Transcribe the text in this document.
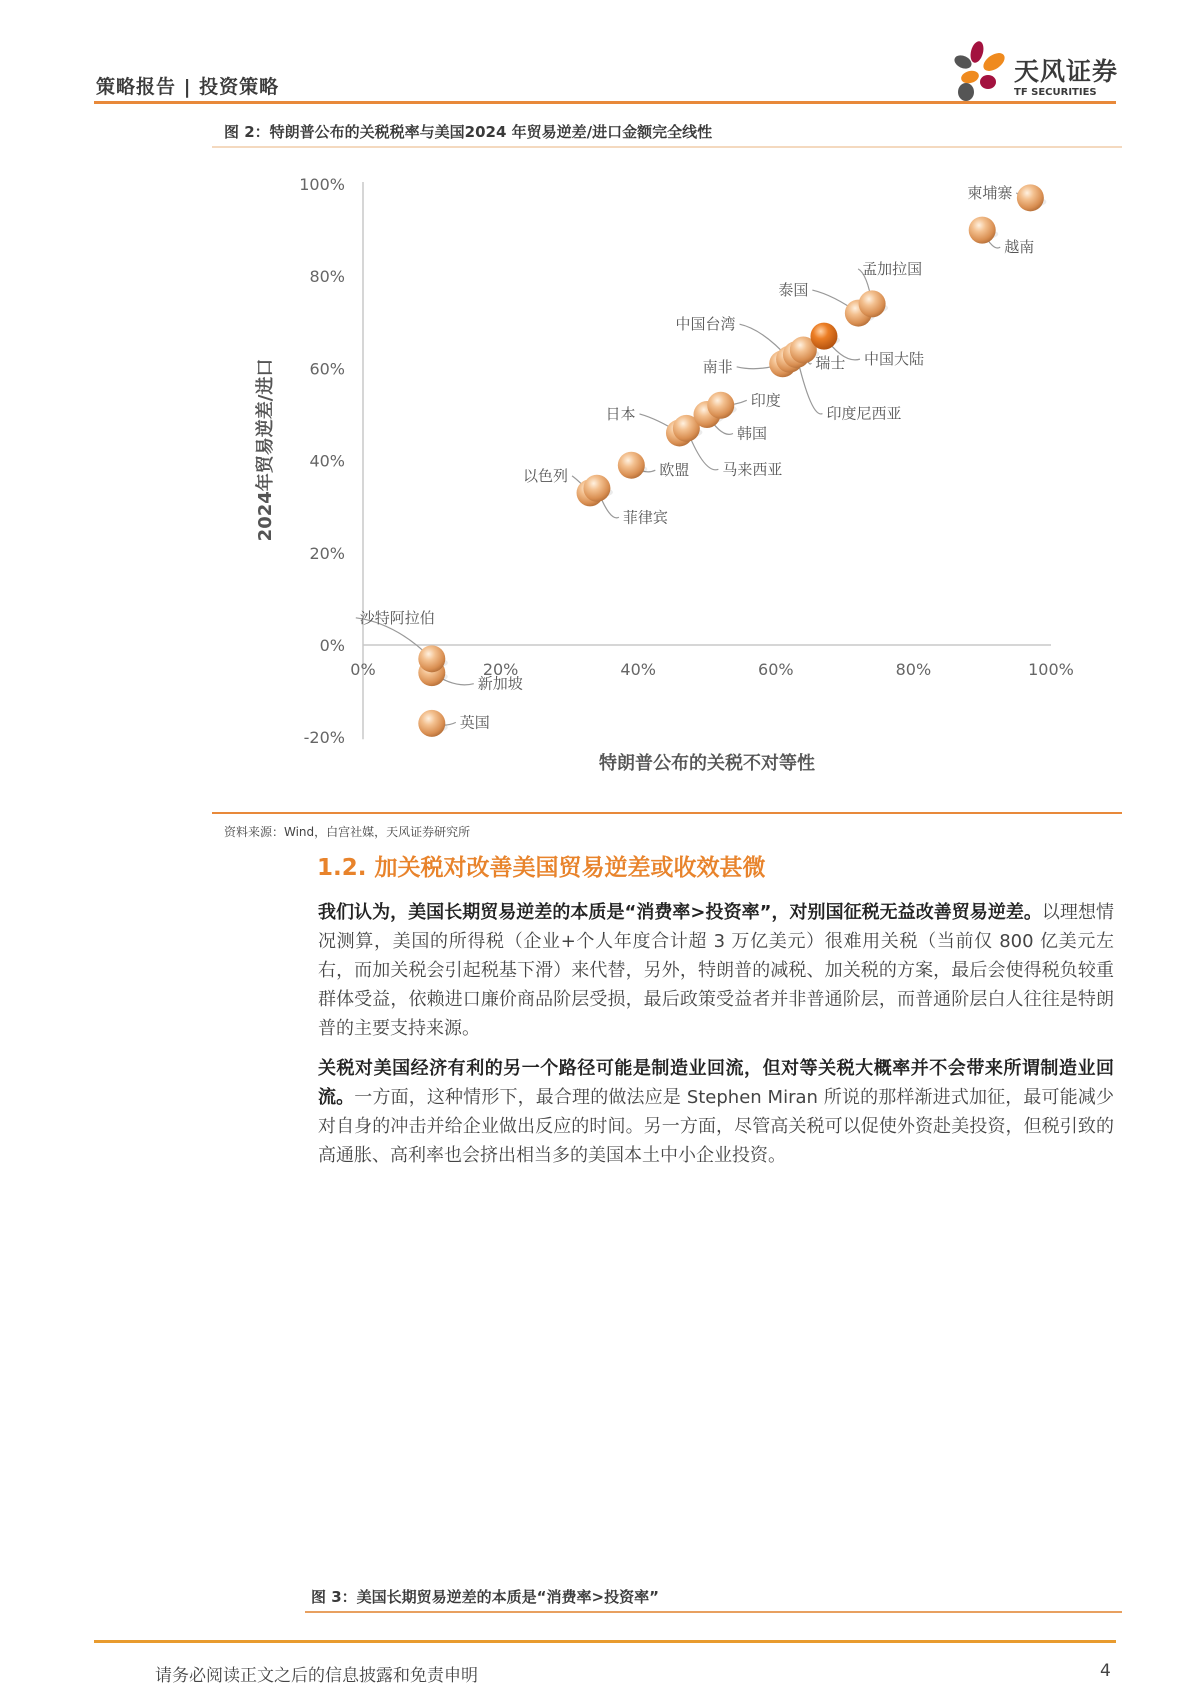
策略报告 | 投资策略
天风证券
TF SECURITIES
图 2：特朗普公布的关税税率与美国2024 年贸易逆差/进口金额完全线性
-20%
0%
20%
40%
60%
80%
100%
0%	20%	40%	60%	80%	100%
英国
新加坡
沙特阿拉伯
以色列
菲律宾
欧盟
日本
马来西亚
韩国
印度
南非
中国台湾
印度尼西亚
瑞士 中国大陆
泰国
孟加拉国
越南
柬埔寨
特朗普公布的关税不对等性
2024年贸易逆差/进口
资料来源：Wind，白宫社媒，天风证券研究所
1.2. 加关税对改善美国贸易逆差或收效甚微
我们认为，美国长期贸易逆差的本质是“消费率>投资率”，对别国征税无益改善贸易逆差。以理想情况测算，美国的所得税（企业+个人年度合计超 3 万亿美元）很难用关税（当前仅 800 亿美元左右，而加关税会引起税基下滑）来代替，另外，特朗普的减税、加关税的方案，最后会使得税负较重群体受益，依赖进口廉价商品阶层受损，最后政策受益者并非普通阶层，而普通阶层白人往往是特朗普的主要支持来源。
关税对美国经济有利的另一个路径可能是制造业回流，但对等关税大概率并不会带来所谓制造业回流。一方面，这种情形下，最合理的做法应是 Stephen Miran 所说的那样渐进式加征，最可能减少对自身的冲击并给企业做出反应的时间。另一方面，尽管高关税可以促使外资赴美投资，但税引致的高通胀、高利率也会挤出相当多的美国本土中小企业投资。
图 3：美国长期贸易逆差的本质是“消费率>投资率”
请务必阅读正文之后的信息披露和免责申明	4
